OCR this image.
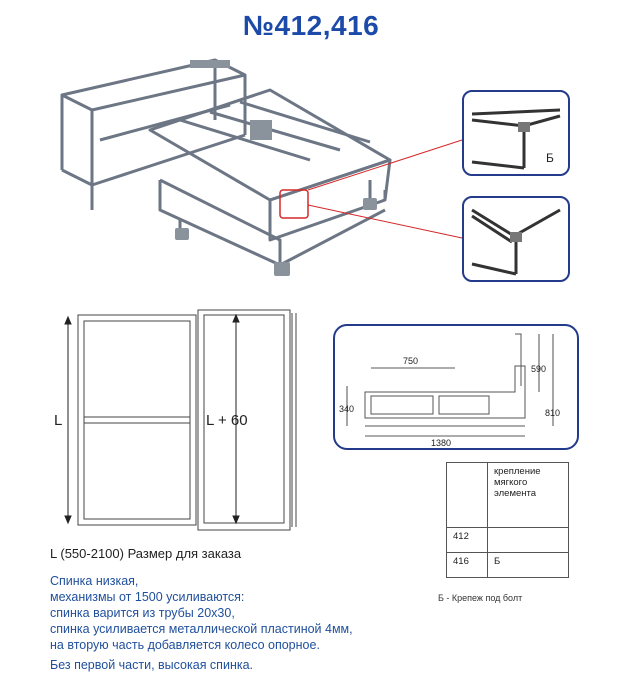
№412,416
Б
L	L + 60
L (550-2100) Размер для заказа
750
590
340	810
1380
	крепление мягкого элемента
412	
416	Б
Б - Крепеж под болт
Спинка низкая,
механизмы от 1500 усиливаются:
спинка варится из трубы 20х30,
спинка усиливается металлической пластиной 4мм,
на вторую часть добавляется колесо опорное.
Без первой части, высокая спинка.
